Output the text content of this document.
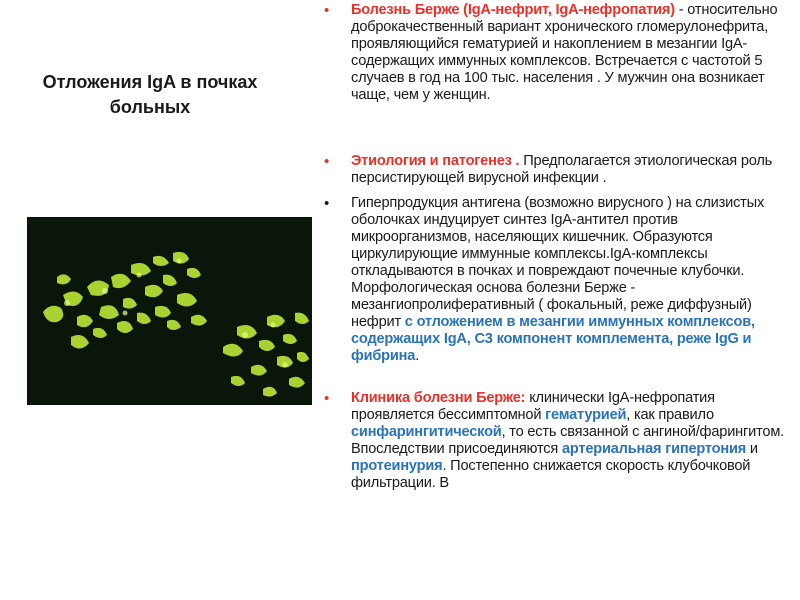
Отложения IgA в почках больных
• Болезнь Берже (IgA-нефрит, IgA-нефропатия) - относительно доброкачественный вариант хронического гломерулонефрита, проявляющийся гематурией и накоплением в мезангии IgA-содержащих иммунных комплексов. Встречается с частотой 5 случаев в год на 100 тыс. населения . У мужчин она возникает чаще, чем у женщин.

• Этиология и патогенез . Предполагается этиологическая роль персистирующей вирусной инфекции .

• Гиперпродукция антигена (возможно вирусного ) на слизистых оболочках индуцирует синтез IgA-антител против микроорганизмов, населяющих кишечник. Образуются циркулирующие иммунные комплексы.IgA-комплексы откладываются в почках и повреждают почечные клубочки. Морфологическая основа болезни Берже - мезангиопролиферативный ( фокальный, реже диффузный) нефрит с отложением в мезангии иммунных комплексов, содержащих IgA, С3 компонент комплемента, реже IgG и фибрина.

• Клиника болезни Берже: клинически IgA-нефропатия проявляется бессимптомной гематурией, как правило синфарингитической, то есть связанной с ангиной/фарингитом. Впоследствии присоединяются артериальная гипертония и протеинурия. Постепенно снижается скорость клубочковой фильтрации. В
